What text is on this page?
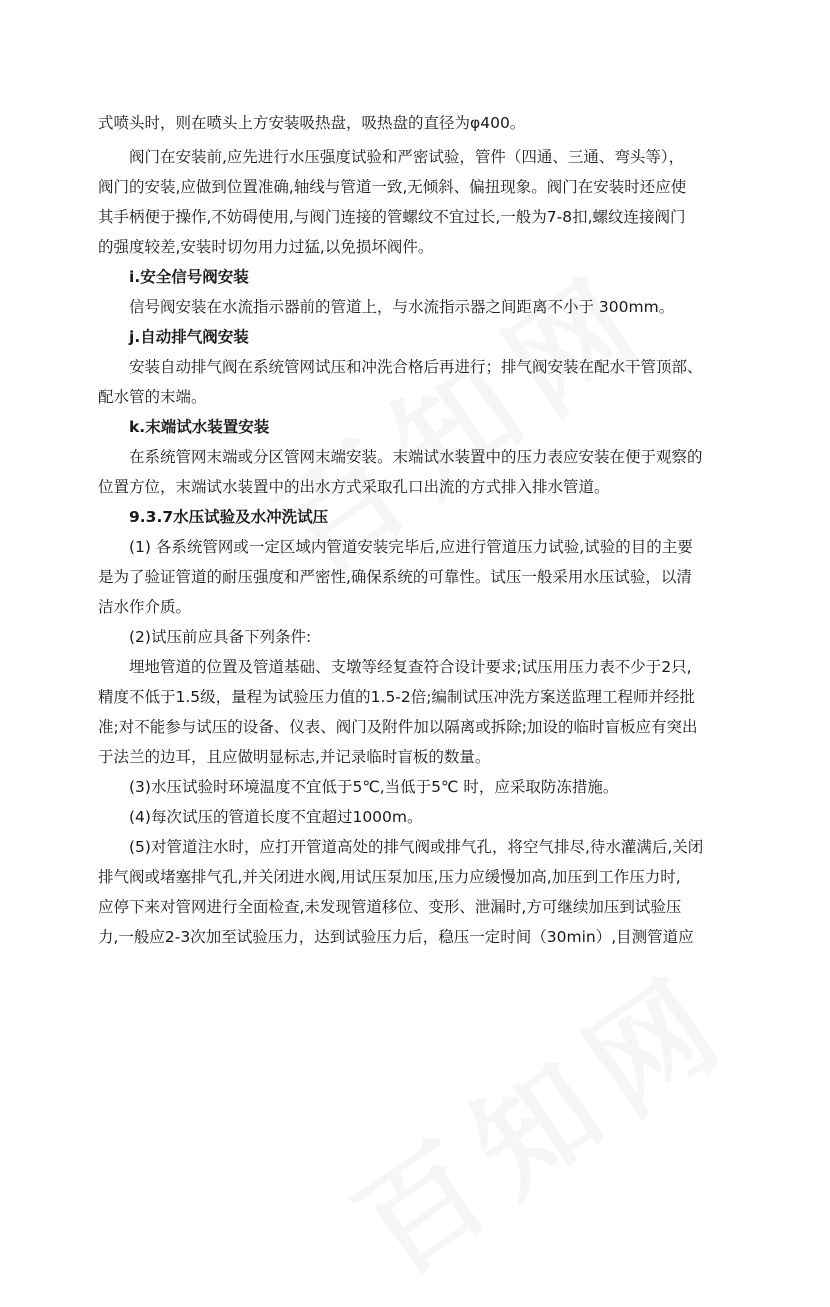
式喷头时，则在喷头上方安装吸热盘，吸热盘的直径为φ400。
阀门在安装前,应先进行水压强度试验和严密试验，管件（四通、三通、弯头等），
阀门的安装,应做到位置准确,轴线与管道一致,无倾斜、偏扭现象。阀门在安装时还应使
其手柄便于操作,不妨碍使用,与阀门连接的管螺纹不宜过长,一般为7-8扣,螺纹连接阀门
的强度较差,安装时切勿用力过猛,以免损坏阀件。
i.安全信号阀安装
信号阀安装在水流指示器前的管道上，与水流指示器之间距离不小于 300mm。
j.自动排气阀安装
安装自动排气阀在系统管网试压和冲洗合格后再进行；排气阀安装在配水干管顶部、
配水管的末端。
k.末端试水装置安装
在系统管网末端或分区管网末端安装。末端试水装置中的压力表应安装在便于观察的
位置方位，末端试水装置中的出水方式采取孔口出流的方式排入排水管道。
9.3.7水压试验及水冲洗试压
(1) 各系统管网或一定区域内管道安装完毕后,应进行管道压力试验,试验的目的主要
是为了验证管道的耐压强度和严密性,确保系统的可靠性。试压一般采用水压试验，以清
洁水作介质。
(2)试压前应具备下列条件:
埋地管道的位置及管道基础、支墩等经复查符合设计要求;试压用压力表不少于2只,
精度不低于1.5级，量程为试验压力值的1.5-2倍;编制试压冲洗方案送监理工程师并经批
准;对不能参与试压的设备、仪表、阀门及附件加以隔离或拆除;加设的临时盲板应有突出
于法兰的边耳，且应做明显标志,并记录临时盲板的数量。
(3)水压试验时环境温度不宜低于5℃,当低于5℃ 时，应采取防冻措施。
(4)每次试压的管道长度不宜超过1000m。
(5)对管道注水时，应打开管道高处的排气阀或排气孔，将空气排尽,待水灌满后,关闭
排气阀或堵塞排气孔,并关闭进水阀,用试压泵加压,压力应缓慢加高,加压到工作压力时,
应停下来对管网进行全面检查,未发现管道移位、变形、泄漏时,方可继续加压到试验压
力,一般应2-3次加至试验压力，达到试验压力后，稳压一定时间（30min）,目测管道应
